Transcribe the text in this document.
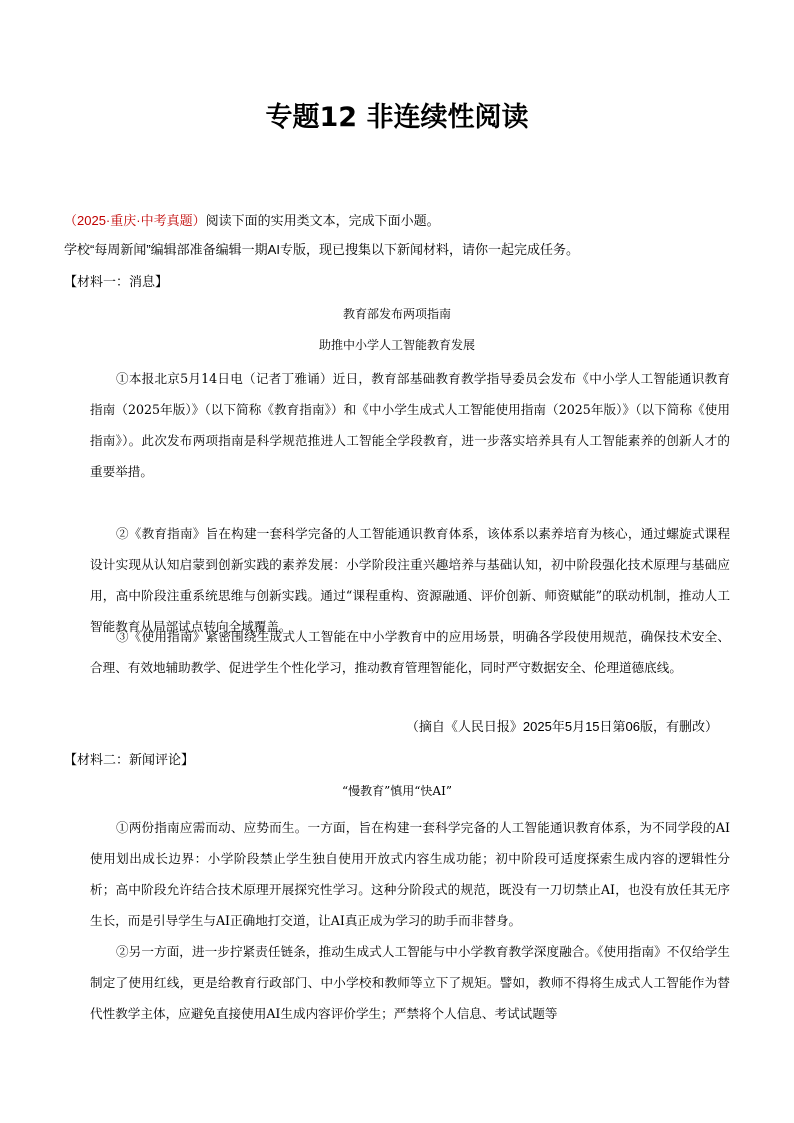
专题12 非连续性阅读
（2025·重庆·中考真题）阅读下面的实用类文本，完成下面小题。
学校“每周新闻”编辑部准备编辑一期AI专版，现已搜集以下新闻材料，请你一起完成任务。
【材料一：消息】
教育部发布两项指南
助推中小学人工智能教育发展
①本报北京5月14日电（记者丁雅诵）近日，教育部基础教育教学指导委员会发布《中小学人工智能通识教育指南（2025年版）》（以下简称《教育指南》）和《中小学生成式人工智能使用指南（2025年版）》（以下简称《使用指南》）。此次发布两项指南是科学规范推进人工智能全学段教育，进一步落实培养具有人工智能素养的创新人才的重要举措。
②《教育指南》旨在构建一套科学完备的人工智能通识教育体系，该体系以素养培育为核心，通过螺旋式课程设计实现从认知启蒙到创新实践的素养发展：小学阶段注重兴趣培养与基础认知，初中阶段强化技术原理与基础应用，高中阶段注重系统思维与创新实践。通过“课程重构、资源融通、评价创新、师资赋能”的联动机制，推动人工智能教育从局部试点转向全域覆盖。
③《使用指南》紧密围绕生成式人工智能在中小学教育中的应用场景，明确各学段使用规范，确保技术安全、合理、有效地辅助教学、促进学生个性化学习，推动教育管理智能化，同时严守数据安全、伦理道德底线。
（摘自《人民日报》2025年5月15日第06版，有删改）
【材料二：新闻评论】
“慢教育”慎用“快AI”
①两份指南应需而动、应势而生。一方面，旨在构建一套科学完备的人工智能通识教育体系，为不同学段的AI使用划出成长边界：小学阶段禁止学生独自使用开放式内容生成功能；初中阶段可适度探索生成内容的逻辑性分析；高中阶段允许结合技术原理开展探究性学习。这种分阶段式的规范，既没有一刀切禁止AI，也没有放任其无序生长，而是引导学生与AI正确地打交道，让AI真正成为学习的助手而非替身。
②另一方面，进一步拧紧责任链条，推动生成式人工智能与中小学教育教学深度融合。《使用指南》不仅给学生制定了使用红线，更是给教育行政部门、中小学校和教师等立下了规矩。譬如，教师不得将生成式人工智能作为替代性教学主体，应避免直接使用AI生成内容评价学生；严禁将个人信息、考试试题等
